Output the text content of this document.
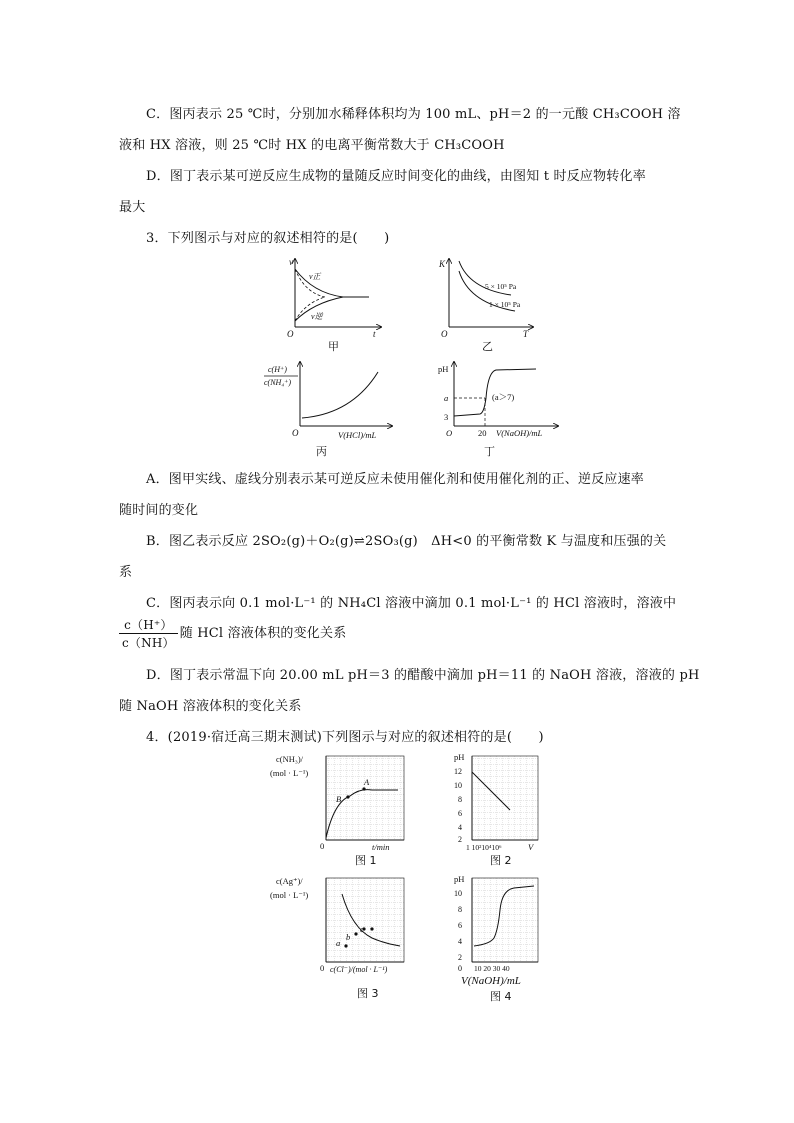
C．图丙表示 25 ℃时，分别加水稀释体积均为 100 mL、pH＝2 的一元酸 CH₃COOH 溶
液和 HX 溶液，则 25 ℃时 HX 的电离平衡常数大于 CH₃COOH
D．图丁表示某可逆反应生成物的量随反应时间变化的曲线，由图知 t 时反应物转化率
最大
3．下列图示与对应的叙述相符的是(　　)
v
v正
v逆
O	t
甲
K
5 × 10⁵ Pa
1 × 10⁵ Pa
O	T
乙
c(H⁺)
c(NH₄⁺)
O	V(HCl)/mL
丙
pH
a
3
(a＞7)
O	20 V(NaOH)/mL
丁
A．图甲实线、虚线分别表示某可逆反应未使用催化剂和使用催化剂的正、逆反应速率
随时间的变化
B．图乙表示反应 2SO₂(g)＋O₂(g)⇌2SO₃(g)　ΔH<0 的平衡常数 K 与温度和压强的关
系
C．图丙表示向 0.1 mol·L⁻¹ 的 NH₄Cl 溶液中滴加 0.1 mol·L⁻¹ 的 HCl 溶液时，溶液中
$\frac{c(H^+)}{c(NH)}$ 随 HCl 溶液体积的变化关系
D．图丁表示常温下向 20.00 mL pH＝3 的醋酸中滴加 pH＝11 的 NaOH 溶液，溶液的 pH
随 NaOH 溶液体积的变化关系
4．(2019·宿迁高三期末测试)下列图示与对应的叙述相符的是(　　)
c(NH₃)/
(mol · L⁻¹)
B
A
0	t/min
图 1
pH
12
10
8
6
4
2
1 10²10⁴10⁶	V
图 2
c(Ag⁺)/
(mol · L⁻¹)
a
b
c
0 c(Cl⁻)/(mol · L⁻¹)
图 3
pH
10
8
6
4
2
0 10 20 30 40
V(NaOH)/mL
图 4
